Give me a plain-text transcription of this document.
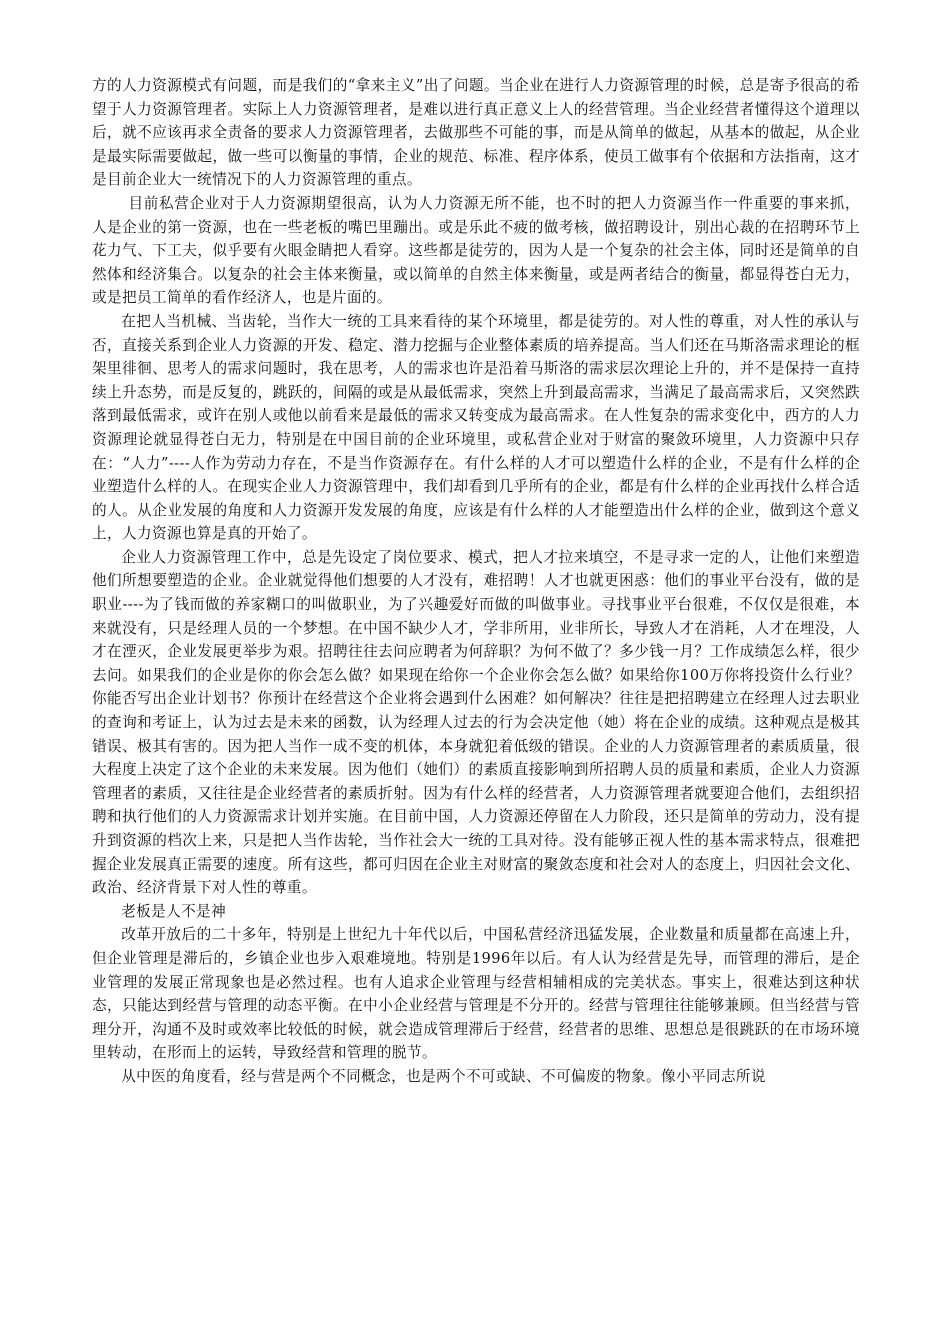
方的人力资源模式有问题，而是我们的“拿来主义”出了问题。当企业在进行人力资源管理的时候，总是寄予很高的希望于人力资源管理者。实际上人力资源管理者，是难以进行真正意义上人的经营管理。当企业经营者懂得这个道理以后，就不应该再求全责备的要求人力资源管理者，去做那些不可能的事，而是从简单的做起，从基本的做起，从企业是最实际需要做起，做一些可以衡量的事情，企业的规范、标准、程序体系，使员工做事有个依据和方法指南，这才是目前企业大一统情况下的人力资源管理的重点。

目前私营企业对于人力资源期望很高，认为人力资源无所不能，也不时的把人力资源当作一件重要的事来抓，人是企业的第一资源，也在一些老板的嘴巴里蹦出。或是乐此不疲的做考核，做招聘设计，别出心裁的在招聘环节上花力气、下工夫，似乎要有火眼金睛把人看穿。这些都是徒劳的，因为人是一个复杂的社会主体，同时还是简单的自然体和经济集合。以复杂的社会主体来衡量，或以简单的自然主体来衡量，或是两者结合的衡量，都显得苍白无力，或是把员工简单的看作经济人，也是片面的。

在把人当机械、当齿轮，当作大一统的工具来看待的某个环境里，都是徒劳的。对人性的尊重，对人性的承认与否，直接关系到企业人力资源的开发、稳定、潜力挖掘与企业整体素质的培养提高。当人们还在马斯洛需求理论的框架里徘徊、思考人的需求问题时，我在思考，人的需求也许是沿着马斯洛的需求层次理论上升的，并不是保持一直持续上升态势，而是反复的，跳跃的，间隔的或是从最低需求，突然上升到最高需求，当满足了最高需求后，又突然跌落到最低需求，或许在别人或他以前看来是最低的需求又转变成为最高需求。在人性复杂的需求变化中，西方的人力资源理论就显得苍白无力，特别是在中国目前的企业环境里，或私营企业对于财富的聚敛环境里，人力资源中只存在：“人力”----人作为劳动力存在，不是当作资源存在。有什么样的人才可以塑造什么样的企业，不是有什么样的企业塑造什么样的人。在现实企业人力资源管理中，我们却看到几乎所有的企业，都是有什么样的企业再找什么样合适的人。从企业发展的角度和人力资源开发发展的角度，应该是有什么样的人才能塑造出什么样的企业，做到这个意义上，人力资源也算是真的开始了。

企业人力资源管理工作中，总是先设定了岗位要求、模式，把人才拉来填空，不是寻求一定的人，让他们来塑造他们所想要塑造的企业。企业就觉得他们想要的人才没有，难招聘！人才也就更困惑：他们的事业平台没有，做的是职业----为了钱而做的养家糊口的叫做职业，为了兴趣爱好而做的叫做事业。寻找事业平台很难，不仅仅是很难，本来就没有，只是经理人员的一个梦想。在中国不缺少人才，学非所用，业非所长，导致人才在消耗，人才在埋没，人才在湮灭，企业发展更举步为艰。招聘往往去问应聘者为何辞职？为何不做了？多少钱一月？工作成绩怎么样，很少去问。如果我们的企业是你的你会怎么做？如果现在给你一个企业你会怎么做？如果给你100万你将投资什么行业？你能否写出企业计划书？你预计在经营这个企业将会遇到什么困难？如何解决？往往是把招聘建立在经理人过去职业的查询和考证上，认为过去是未来的函数，认为经理人过去的行为会决定他（她）将在企业的成绩。这种观点是极其错误、极其有害的。因为把人当作一成不变的机体，本身就犯着低级的错误。企业的人力资源管理者的素质质量，很大程度上决定了这个企业的未来发展。因为他们（她们）的素质直接影响到所招聘人员的质量和素质，企业人力资源管理者的素质，又往往是企业经营者的素质折射。因为有什么样的经营者，人力资源管理者就要迎合他们，去组织招聘和执行他们的人力资源需求计划并实施。在目前中国，人力资源还停留在人力阶段，还只是简单的劳动力，没有提升到资源的档次上来，只是把人当作齿轮，当作社会大一统的工具对待。没有能够正视人性的基本需求特点，很难把握企业发展真正需要的速度。所有这些，都可归因在企业主对财富的聚敛态度和社会对人的态度上，归因社会文化、政治、经济背景下对人性的尊重。

老板是人不是神

改革开放后的二十多年，特别是上世纪九十年代以后，中国私营经济迅猛发展，企业数量和质量都在高速上升，但企业管理是滞后的，乡镇企业也步入艰难境地。特别是1996年以后。有人认为经营是先导，而管理的滞后，是企业管理的发展正常现象也是必然过程。也有人追求企业管理与经营相辅相成的完美状态。事实上，很难达到这种状态，只能达到经营与管理的动态平衡。在中小企业经营与管理是不分开的。经营与管理往往能够兼顾。但当经营与管理分开，沟通不及时或效率比较低的时候，就会造成管理滞后于经营，经营者的思维、思想总是很跳跃的在市场环境里转动，在形而上的运转，导致经营和管理的脱节。

从中医的角度看，经与营是两个不同概念，也是两个不可或缺、不可偏废的物象。像小平同志所说
